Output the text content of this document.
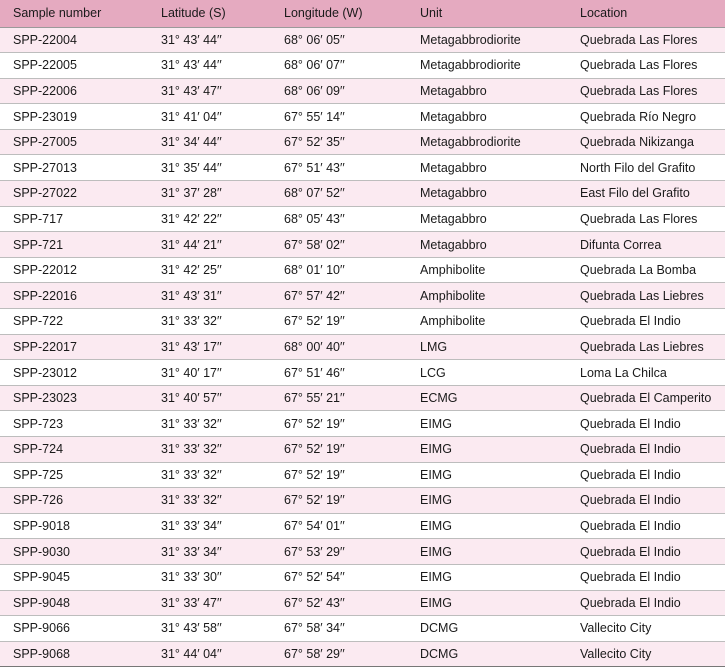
Sample number	Latitude (S)	Longitude (W)	Unit	Location
SPP-22004	31° 43′ 44′′	68° 06′ 05′′	Metagabbrodiorite	Quebrada Las Flores
SPP-22005	31° 43′ 44′′	68° 06′ 07′′	Metagabbrodiorite	Quebrada Las Flores
SPP-22006	31° 43′ 47′′	68° 06′ 09′′	Metagabbro	Quebrada Las Flores
SPP-23019	31° 41′ 04′′	67° 55′ 14′′	Metagabbro	Quebrada Río Negro
SPP-27005	31° 34′ 44′′	67° 52′ 35′′	Metagabbrodiorite	Quebrada Nikizanga
SPP-27013	31° 35′ 44′′	67° 51′ 43′′	Metagabbro	North Filo del Grafito
SPP-27022	31° 37′ 28′′	68° 07′ 52′′	Metagabbro	East Filo del Grafito
SPP-717	31° 42′ 22′′	68° 05′ 43′′	Metagabbro	Quebrada Las Flores
SPP-721	31° 44′ 21′′	67° 58′ 02′′	Metagabbro	Difunta Correa
SPP-22012	31° 42′ 25′′	68° 01′ 10′′	Amphibolite	Quebrada La Bomba
SPP-22016	31° 43′ 31′′	67° 57′ 42′′	Amphibolite	Quebrada Las Liebres
SPP-722	31° 33′ 32′′	67° 52′ 19′′	Amphibolite	Quebrada El Indio
SPP-22017	31° 43′ 17′′	68° 00′ 40′′	LMG	Quebrada Las Liebres
SPP-23012	31° 40′ 17′′	67° 51′ 46′′	LCG	Loma La Chilca
SPP-23023	31° 40′ 57′′	67° 55′ 21′′	ECMG	Quebrada El Camperito
SPP-723	31° 33′ 32′′	67° 52′ 19′′	EIMG	Quebrada El Indio
SPP-724	31° 33′ 32′′	67° 52′ 19′′	EIMG	Quebrada El Indio
SPP-725	31° 33′ 32′′	67° 52′ 19′′	EIMG	Quebrada El Indio
SPP-726	31° 33′ 32′′	67° 52′ 19′′	EIMG	Quebrada El Indio
SPP-9018	31° 33′ 34′′	67° 54′ 01′′	EIMG	Quebrada El Indio
SPP-9030	31° 33′ 34′′	67° 53′ 29′′	EIMG	Quebrada El Indio
SPP-9045	31° 33′ 30′′	67° 52′ 54′′	EIMG	Quebrada El Indio
SPP-9048	31° 33′ 47′′	67° 52′ 43′′	EIMG	Quebrada El Indio
SPP-9066	31° 43′ 58′′	67° 58′ 34′′	DCMG	Vallecito City
SPP-9068	31° 44′ 04′′	67° 58′ 29′′	DCMG	Vallecito City
